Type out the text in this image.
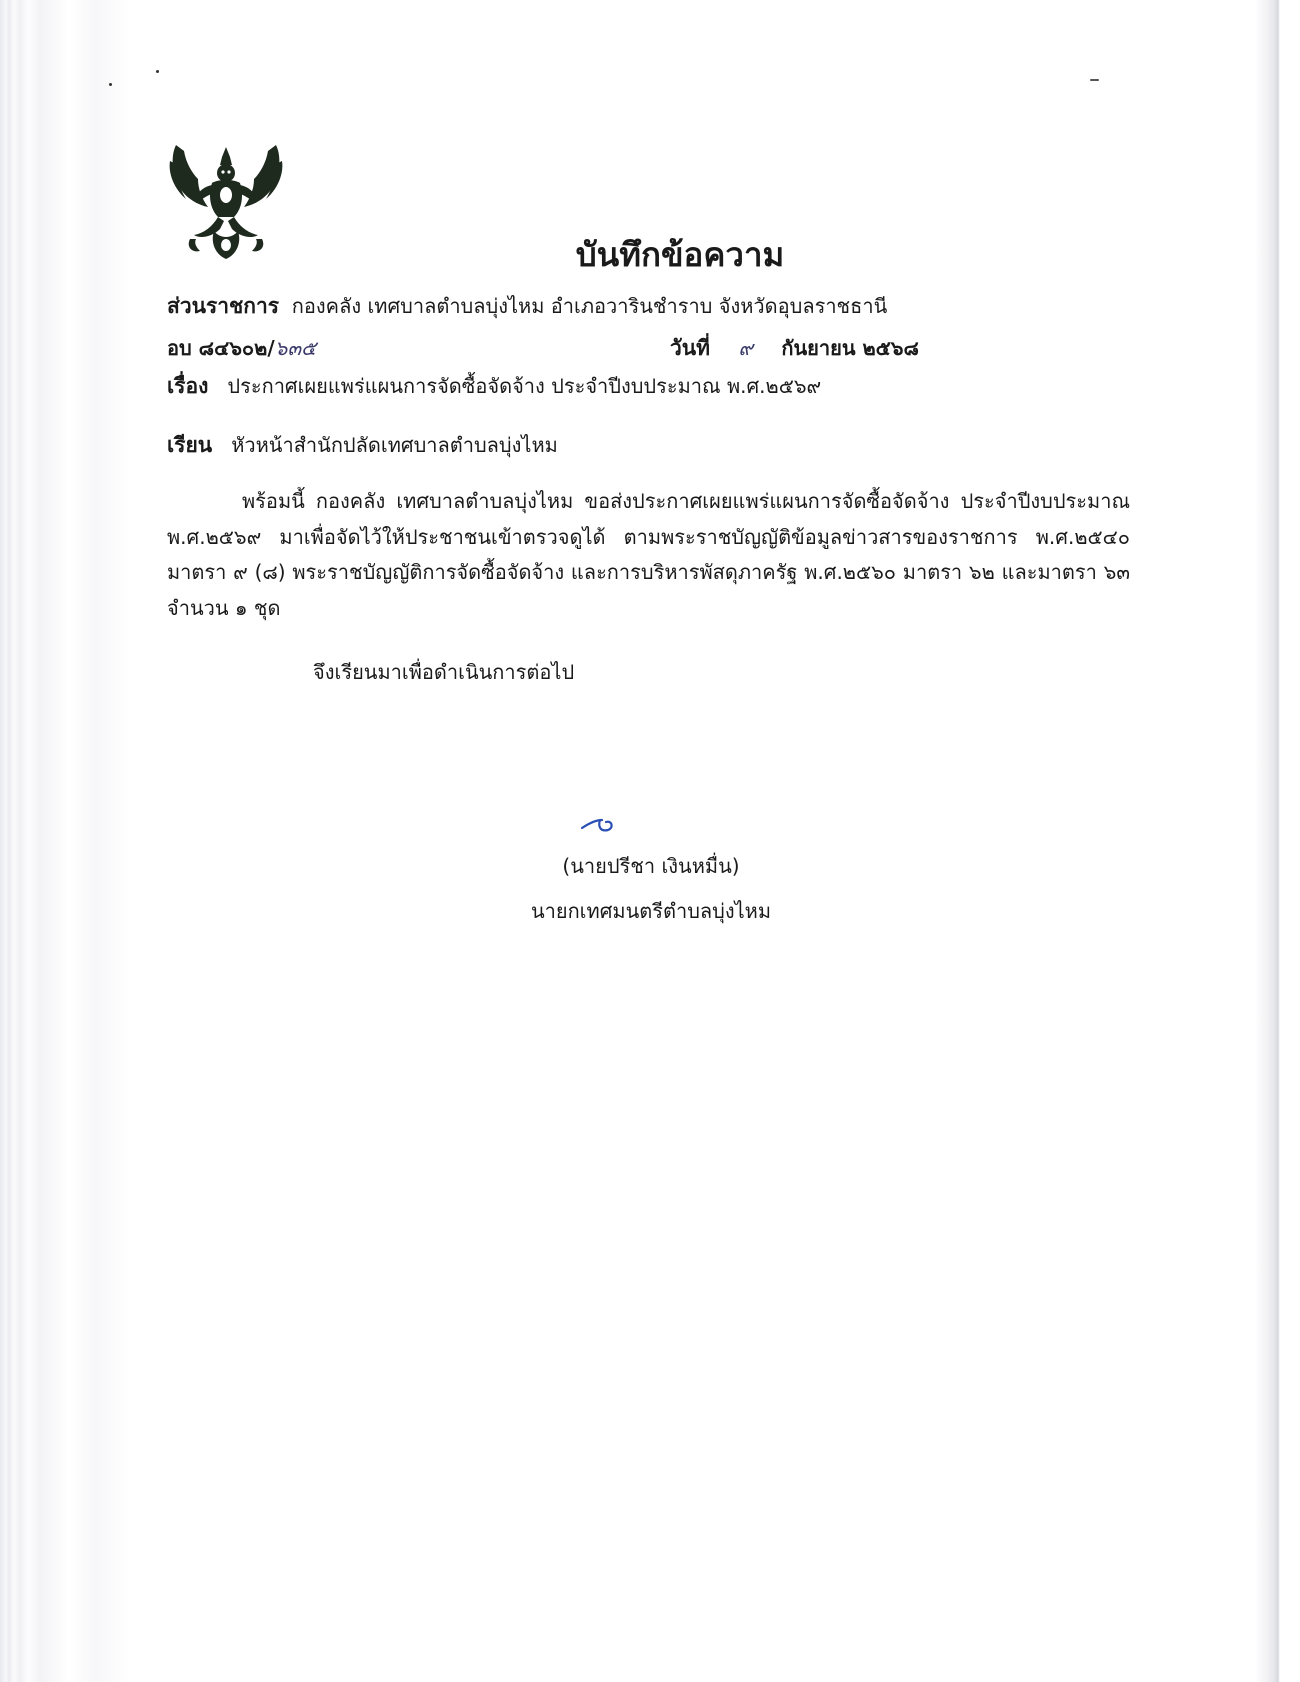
บันทึกข้อความ

ส่วนราชการ กองคลัง เทศบาลตำบลบุ่งไหม อำเภอวารินชำราบ จังหวัดอุบลราชธานี

อบ ๘๔๖๐๒/๖๓๕	วันที่ ๙ กันยายน ๒๕๖๘

เรื่อง ประกาศเผยแพร่แผนการจัดซื้อจัดจ้าง ประจำปีงบประมาณ พ.ศ.๒๕๖๙

เรียน หัวหน้าสำนักปลัดเทศบาลตำบลบุ่งไหม

พร้อมนี้ กองคลัง เทศบาลตำบลบุ่งไหม ขอส่งประกาศเผยแพร่แผนการจัดซื้อจัดจ้าง ประจำปีงบประมาณ พ.ศ.๒๕๖๙ มาเพื่อจัดไว้ให้ประชาชนเข้าตรวจดูได้ ตามพระราชบัญญัติข้อมูลข่าวสารของราชการ พ.ศ.๒๕๔๐ มาตรา ๙ (๘) พระราชบัญญัติการจัดซื้อจัดจ้าง และการบริหารพัสดุภาครัฐ พ.ศ.๒๕๖๐ มาตรา ๖๒ และมาตรา ๖๓ จำนวน ๑ ชุด

จึงเรียนมาเพื่อดำเนินการต่อไป

(นายปรีชา เงินหมื่น)

นายกเทศมนตรีตำบลบุ่งไหม
